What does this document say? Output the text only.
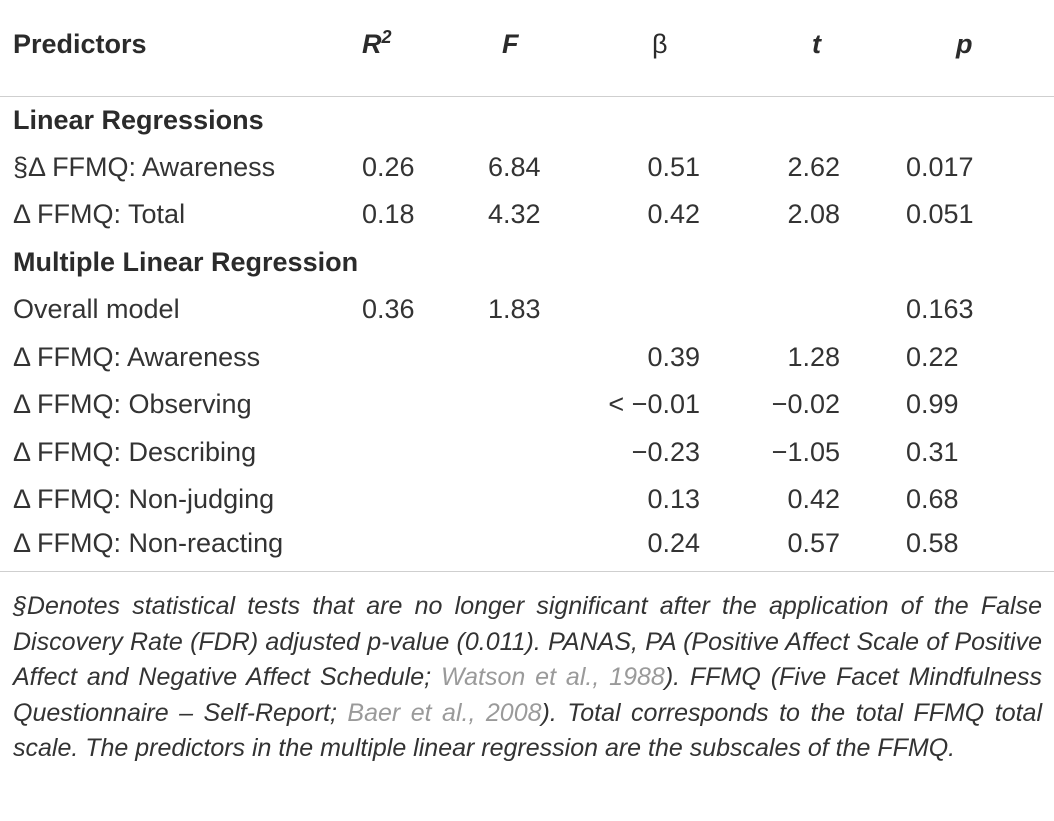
Predictors	$R^2$	F	β	t	p
Linear Regressions					
§Δ FFMQ: Awareness	0.26	6.84	0.51	2.62	0.017
Δ FFMQ: Total	0.18	4.32	0.42	2.08	0.051
Multiple Linear Regression					
Overall model	0.36	1.83			0.163
Δ FFMQ: Awareness			0.39	1.28	0.22
Δ FFMQ: Observing			< −0.01	−0.02	0.99
Δ FFMQ: Describing			−0.23	−1.05	0.31
Δ FFMQ: Non-judging			0.13	0.42	0.68
Δ FFMQ: Non-reacting			0.24	0.57	0.58
§Denotes statistical tests that are no longer significant after the application of the False Discovery Rate (FDR) adjusted p-value (0.011). PANAS, PA (Positive Affect Scale of Positive Affect and Negative Affect Schedule; Watson et al., 1988). FFMQ (Five Facet Mindfulness Questionnaire – Self-Report; Baer et al., 2008). Total corresponds to the total FFMQ total scale. The predictors in the multiple linear regression are the subscales of the FFMQ.
